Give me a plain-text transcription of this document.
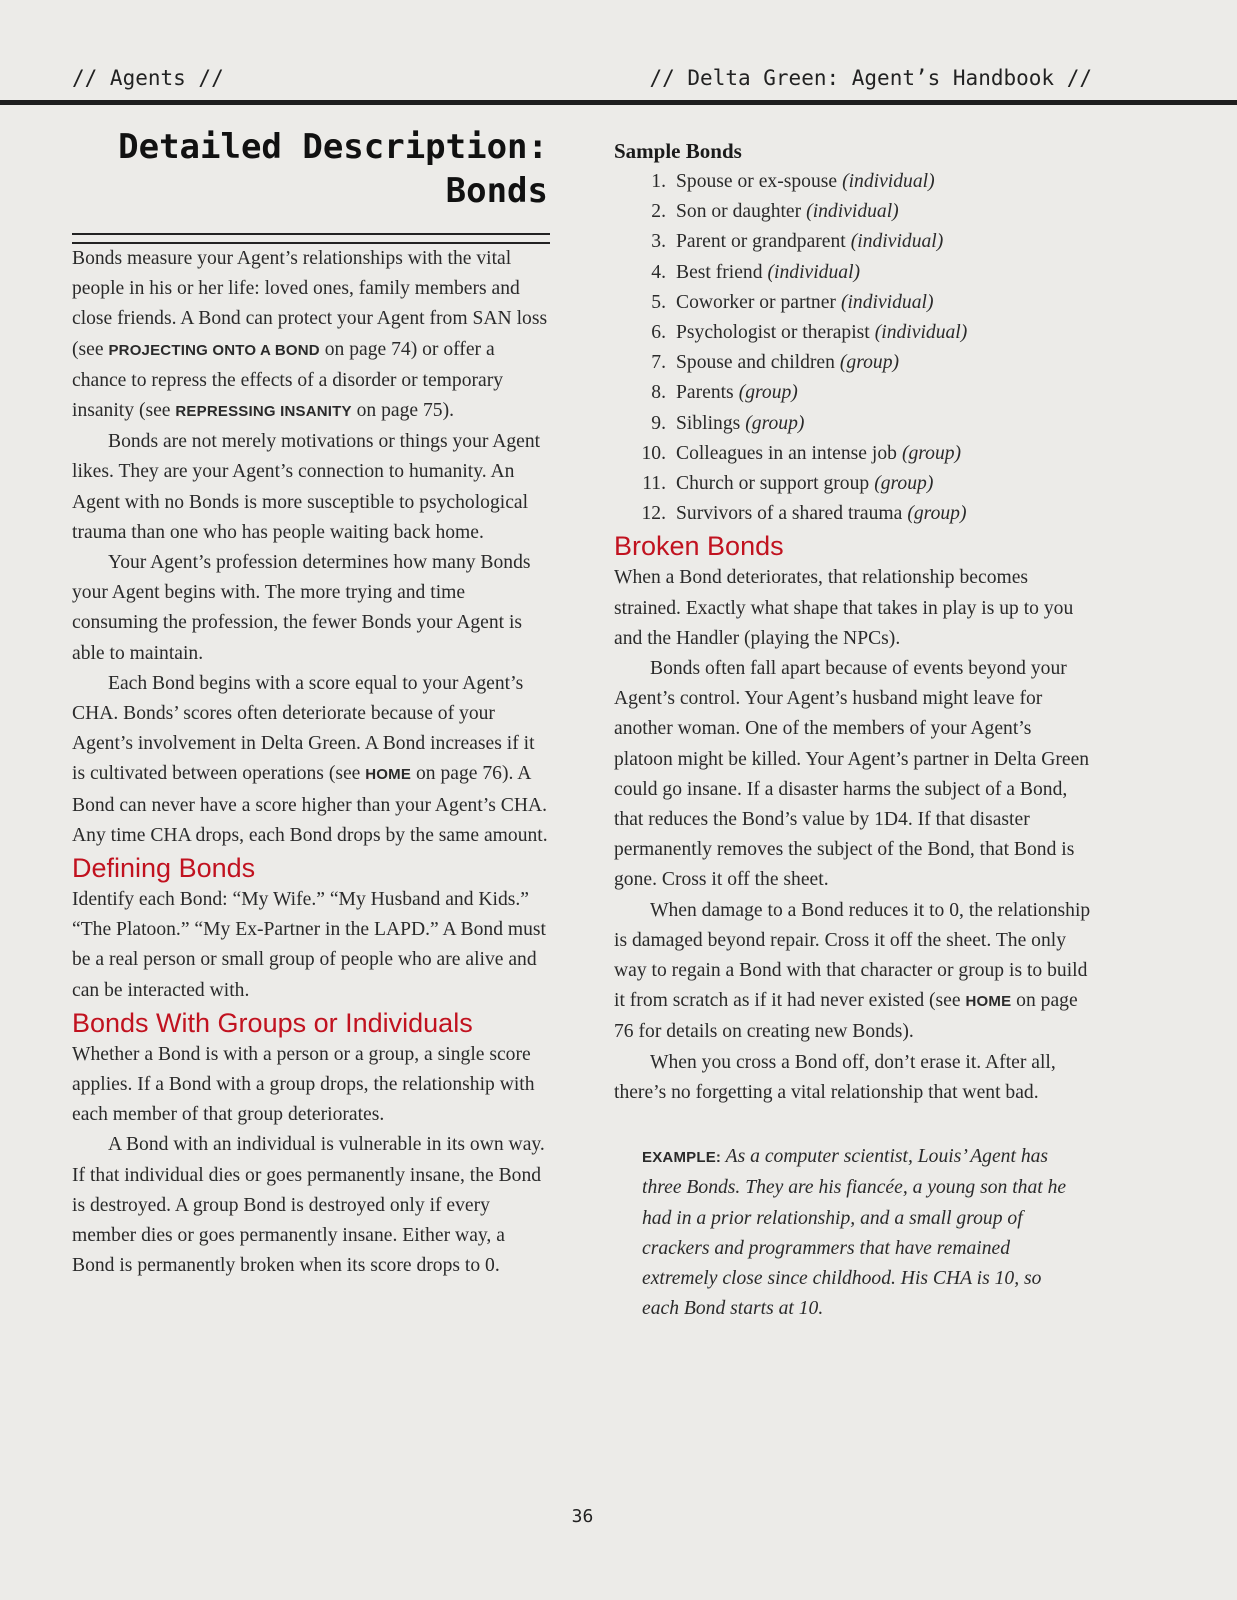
// Agents //	// Delta Green: Agent’s Handbook //
Detailed Description:
Bonds

Bonds measure your Agent’s relationships with the vital people in his or her life: loved ones, family members and close friends. A Bond can protect your Agent from SAN loss (see PROJECTING ONTO A BOND on page 74) or offer a chance to repress the effects of a disorder or temporary insanity (see REPRESSING INSANITY on page 75).

Bonds are not merely motivations or things your Agent likes. They are your Agent’s connection to humanity. An Agent with no Bonds is more susceptible to psychological trauma than one who has people waiting back home.

Your Agent’s profession determines how many Bonds your Agent begins with. The more trying and time consuming the profession, the fewer Bonds your Agent is able to maintain.

Each Bond begins with a score equal to your Agent’s CHA. Bonds’ scores often deteriorate because of your Agent’s involvement in Delta Green. A Bond increases if it is cultivated between operations (see HOME on page 76). A Bond can never have a score higher than your Agent’s CHA. Any time CHA drops, each Bond drops by the same amount.

Defining Bonds

Identify each Bond: “My Wife.” “My Husband and Kids.” “The Platoon.” “My Ex-Partner in the LAPD.” A Bond must be a real person or small group of people who are alive and can be interacted with.

Bonds With Groups or Individuals

Whether a Bond is with a person or a group, a single score applies. If a Bond with a group drops, the relationship with each member of that group deteriorates.

A Bond with an individual is vulnerable in its own way. If that individual dies or goes permanently insane, the Bond is destroyed. A group Bond is destroyed only if every member dies or goes permanently insane. Either way, a Bond is permanently broken when its score drops to 0.

Sample Bonds
1. Spouse or ex-spouse (individual)
2. Son or daughter (individual)
3. Parent or grandparent (individual)
4. Best friend (individual)
5. Coworker or partner (individual)
6. Psychologist or therapist (individual)
7. Spouse and children (group)
8. Parents (group)
9. Siblings (group)
10. Colleagues in an intense job (group)
11. Church or support group (group)
12. Survivors of a shared trauma (group)
Broken Bonds

When a Bond deteriorates, that relationship becomes strained. Exactly what shape that takes in play is up to you and the Handler (playing the NPCs).

Bonds often fall apart because of events beyond your Agent’s control. Your Agent’s husband might leave for another woman. One of the members of your Agent’s platoon might be killed. Your Agent’s partner in Delta Green could go insane. If a disaster harms the subject of a Bond, that reduces the Bond’s value by 1D4. If that disaster permanently removes the subject of the Bond, that Bond is gone. Cross it off the sheet.

When damage to a Bond reduces it to 0, the relationship is damaged beyond repair. Cross it off the sheet. The only way to regain a Bond with that character or group is to build it from scratch as if it had never existed (see HOME on page 76 for details on creating new Bonds).

When you cross a Bond off, don’t erase it. After all, there’s no forgetting a vital relationship that went bad.

EXAMPLE: As a computer scientist, Louis’ Agent has three Bonds. They are his fiancée, a young son that he had in a prior relationship, and a small group of crackers and programmers that have remained extremely close since childhood. His CHA is 10, so each Bond starts at 10.
36
